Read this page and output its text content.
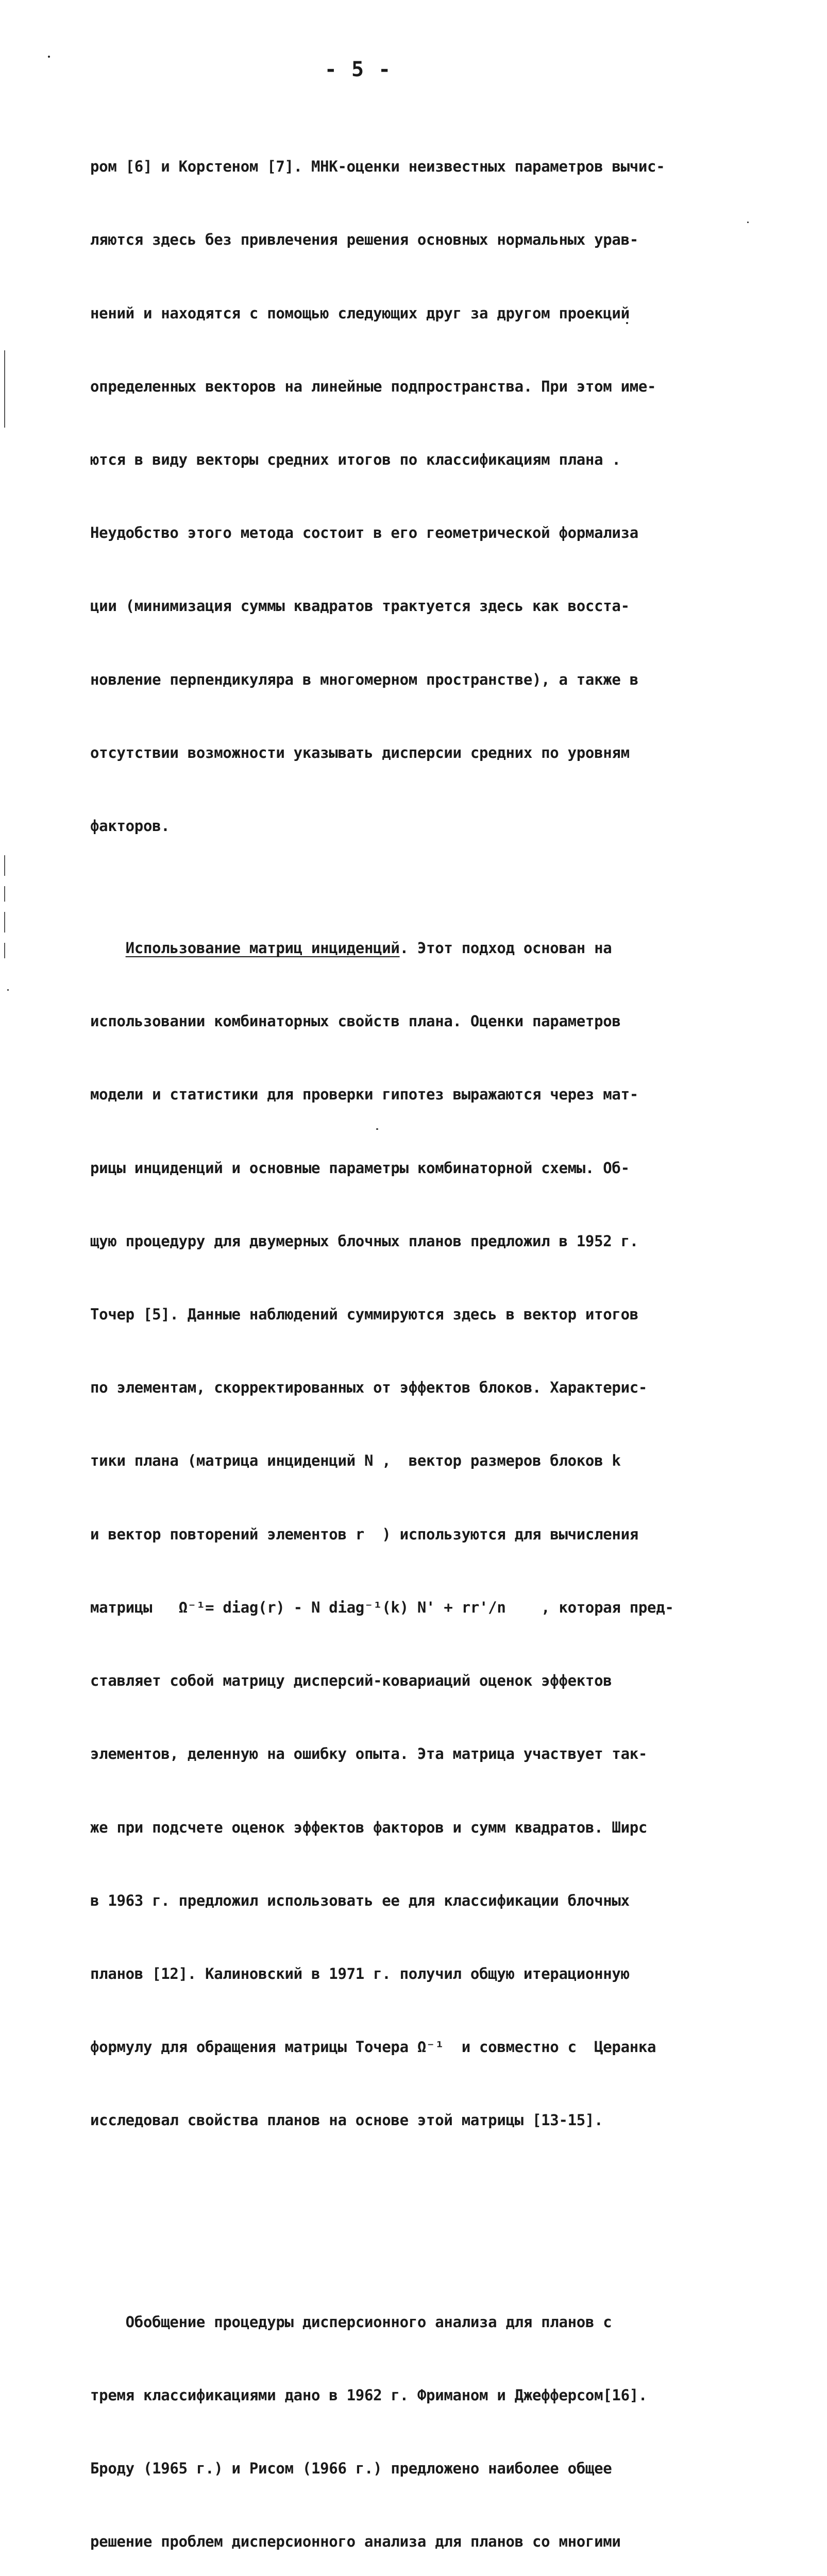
- 5 -

ром [6] и Корстеном [7]. МНК-оценки неизвестных параметров вычис-

ляются здесь без привлечения решения основных нормальных урав-

нений и находятся с помощью следующих друг за другом проекций

определенных векторов на линейные подпространства. При этом име-

ются в виду векторы средних итогов по классификациям плана .

Неудобство этого метода состоит в его геометрической формализа

ции (минимизация суммы квадратов трактуется здесь как восста-

новление перпендикуляра в многомерном пространстве), а также в

отсутствии возможности указывать дисперсии средних по уровням

факторов.

Использование матриц инциденций. Этот подход основан на

использовании комбинаторных свойств плана. Оценки параметров

модели и статистики для проверки гипотез выражаются через мат-

рицы инциденций и основные параметры комбинаторной схемы. Об-

щую процедуру для двумерных блочных планов предложил в 1952 г.

Точер [5]. Данные наблюдений суммируются здесь в вектор итогов

по элементам, скорректированных от эффектов блоков. Характерис-

тики плана (матрица инциденций N ,  вектор размеров блоков k

и вектор повторений элементов r  ) используются для вычисления

матрицы   Ω⁻¹= diag(r) - N diag⁻¹(k) N' + rr'/n    , которая пред-

ставляет собой матрицу дисперсий-ковариаций оценок эффектов

элементов, деленную на ошибку опыта. Эта матрица участвует так-

же при подсчете оценок эффектов факторов и сумм квадратов. Ширс

в 1963 г. предложил использовать ее для классификации блочных

планов [12]. Калиновский в 1971 г. получил общую итерационную

формулу для обращения матрицы Точера Ω⁻¹  и совместно с  Церанка

исследовал свойства планов на основе этой матрицы [13-15].

Обобщение процедуры дисперсионного анализа для планов с

тремя классификациями дано в 1962 г. Фриманом и Джефферсом[16].

Броду (1965 г.) и Рисом (1966 г.) предложено наиболее общее

решение проблем дисперсионного анализа для планов со многими
